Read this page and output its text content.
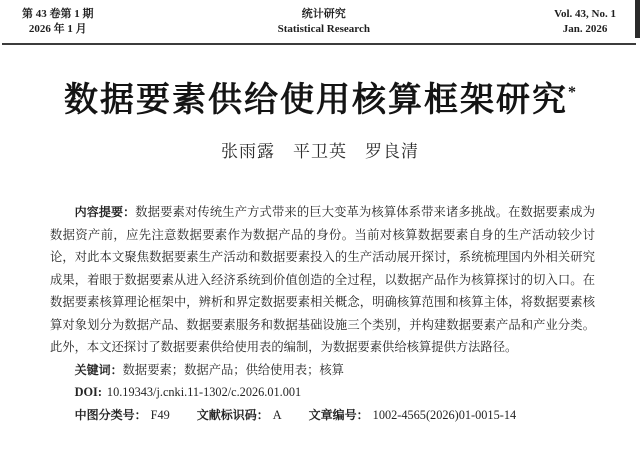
第 43 卷第 1 期
2026 年 1 月
统计研究
Statistical Research
Vol. 43, No. 1
Jan. 2026
数据要素供给使用核算框架研究*
张雨露　平卫英　罗良清

内容提要：数据要素对传统生产方式带来的巨大变革为核算体系带来诸多挑战。在数据要素成为数据资产前，应先注意数据要素作为数据产品的身份。当前对核算数据要素自身的生产活动较少讨论，对此本文聚焦数据要素生产活动和数据要素投入的生产活动展开探讨，系统梳理国内外相关研究成果，着眼于数据要素从进入经济系统到价值创造的全过程，以数据产品作为核算探讨的切入口。在数据要素核算理论框架中，辨析和界定数据要素相关概念，明确核算范围和核算主体，将数据要素核算对象划分为数据产品、数据要素服务和数据基础设施三个类别，并构建数据要素产品和产业分类。此外，本文还探讨了数据要素供给使用表的编制，为数据要素供给核算提供方法路径。

关键词：数据要素；数据产品；供给使用表；核算

DOI: 10.19343/j.cnki.11-1302/c.2026.01.001

中图分类号： F49 文献标识码： A 文章编号： 1002-4565(2026)01-0015-14
